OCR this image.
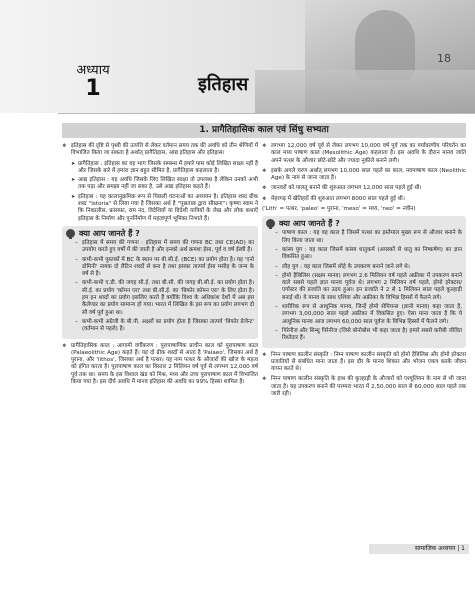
18
अध्याय
1	इतिहास
1. प्रागैतिहासिक काल एवं सिंधु सभ्यता

❖ इतिहास की दृष्टि से पृथ्वी की उत्पत्ति से लेकर वर्तमान समय तक की अवधि को तीन श्रेणियों में विभाजित किया जा सकता है अर्थात् प्रागैतिहास, आद्य इतिहास और इतिहास।

➤ प्रागैतिहास : इतिहास का वह भाग जिसके सम्बन्ध में हमारे पास कोई लिखित साक्ष्य नहीं है और जिसके बारे में हमारा ज्ञान बहुत सीमित है, प्रागैतिहास कहलाता है।

➤ आद्य इतिहास : यह अवधि जिसके लिए लिखित साक्ष्य तो उपलब्ध है लेकिन उनको अभी तक पढ़ा और समझा नहीं जा सका है, उसे आद्य इतिहास कहते हैं।

➤ इतिहास : यह कालानुक्रमिक रूप से पिछली घटनाओं का अध्ययन है। इतिहास शब्द ग्रीक शब्द "Istoria" से लिया गया है जिसका अर्थ है "पूछताछ द्वारा सीखना"। कृष्णा स्वाम ने कि निकालीस, फ्रांसफ़ा, राम नंद, विदेशियों या विदेशी यात्रियों के लेख और लोक कथाएँ इतिहास के निर्माण और पुनर्निर्माण में महत्वपूर्ण भूमिका निभाते हैं।

क्या आप जानते हैं ?

– इतिहास में समय की गणना : इतिहास में समय की गणना BC तथा CE(AD) का उपयोग करते हुए वर्षों में की जाती है और इनको अर्थ क्रमशः ईसा, पूर्व व वर्ष ईस्वी है।

– कभी-कभी पुस्तकों में BC के स्थान पर बी.सी.ई. (BCE) का प्रयोग होता है। यह 'एनो डोमिनी' नामक दो लैटिन शब्दों से बना है तथा इसका तात्पर्य ईसा मसीह के जन्म के वर्ष से है।

– कभी-कभी ए.डी. की जगह सी.ई. तथा बी.सी. की जगह बी.सी.ई. का प्रयोग होता है। सी.ई. का प्रयोग 'कॉमन एरा' तथा बी.सी.ई. का 'बिफोर कॉमन एरा' के लिए होता है। हम इन शब्दों का प्रयोग इसलिए करते हैं क्योंकि विश्व के अधिकांश देशों में अब इस कैलेण्डर का प्रयोग सामान्य हो गया। भारत में लिखित के इस रूप का प्रयोग लगभग दो सौ वर्ष पूर्व हुआ था।

– कभी-कभी अंग्रेजी के बी.पी. अक्षरों का प्रयोग होता है जिसका तात्पर्य 'बिफोर प्रेजेन्ट' (वर्तमान से पहले) है।

❖ प्रागैतिहासिक काल : आगामी वर्गीकरण : पुरापाषाणिक प्राचीन काल को पुरापाषाण काल (Palaeolithic Age) कहते हैं। यह दो ग्रीक शब्दों से आता है 'Palaeo', जिसका अर्थ है पुराना, और 'lithos', जिसका अर्थ है पत्थर। यह नाम पत्थर के औजारों की खोज के महत्व को इंगित करता है। पुरापाषाण काल का विस्तार 2 मिलियन वर्ष पूर्व से लगभग 12,000 वर्ष पूर्व तक था। समय के इस विशाल खंड को मिश्र, मध्य और उच्च पुरापाषाण काल में विभाजित किया गया है। इस दीर्घ अवधि में मानव इतिहास की अवधि का 99% हिस्सा शामिल है।

❖ लगभग 12,000 वर्ष पूर्व से लेकर लगभग 10,000 वर्ष पूर्व तक का पर्यावरणीय परिवर्तन का काल मध्य पाषाण काल (Mesolithic Age) कहलाता है। इस अवधि के दौरान मानव जाति अपने पत्थर के औजार छोटे-छोटे और ज्यादा नुकीले बनाने लगी।

❖ इसके अगले चरण अर्थात् लगभग 10,000 साल पहले का काल, नवपाषाण काल (Neolithic Age) के नाम से जाना जाता है।

❖ जानवरों को पालतू बनाने की शुरुआत लगभग 12,000 साल पहले हुई थी।

❖ मेहरगढ़ में खेतिहरों की शुरुआत लगभग 8000 साल पहले हुई थी।

('Lith' = पत्थर, 'paleo' = पुराना, 'meso' = मध्य, 'neo' = नवीन)

क्या आप जानते हैं ?

– पाषाण काल : यह वह काल है जिसमें पत्थर का इस्तेमाल मुख्य रूप से औजार बनाने के लिए किया जाता था।

– कांस्य युग : यह काल जिसमें कांस्य धातुकर्म (अयस्कों से धातु का निष्कर्षण) का ज्ञान विकसित हुआ।

– लौह युग : यह काल जिसमें लोहे के उपकरण बनाने जाने लगे थे।

– होमो हैबिलिस (सक्षम मानव) लगभग 2.6 मिलियन वर्ष पहले अफ्रीका में उपकरण बनाने वाले सबसे पहले ज्ञात मानव पूर्वज थे। लगभग 2 मिलियन वर्ष पहले, होमो इरेक्टस/एर्गास्टर की प्रजाति का उदय हुआ। इन प्रजाति ने 2 से 1 मिलियन साल पहले कुल्हाड़ी बनाई थी। ये मानव के साथ एशिया और अफ्रीका के विभिन्न हिस्सों में फैलने लगे।

– शारीरिक रूप से आधुनिक मानव, जिन्हें होमो सेपियन्स (ज्ञानी मानव) कहा जाता है, लगभग 3,00,000 साल पहले अफ्रीका में विकसित हुए। ऐसा माना जाता है कि ये आधुनिक मानव आज लगभग 60,000 साल पूर्वज के विभिन्न हिस्सों में फैलने लगे।

– पिरेनीज और सिन्धु पिरेनीज (जिसे बोनोबोस भी कहा जाता है) हमारे सबसे करीबी जीवित रिश्तेदार हैं।

❖ निम्न पाषाण कालीन संस्कृति : निम्न पाषाण कालीन संस्कृति को होमो हैबिलिस और होमो इरेक्टस प्रजातियों से संबंधित माना जाता है। इस दौर के मानव शिकार और भोजन एकत्र करके जीवन यापन करते थे।

❖ निम्न पाषाण कालीन संस्कृति के हाथ की कुल्हाड़ी के औजारों को एश्यूलियन के नाम से भी जाना जाता है। यह उपकरण बनाने की परम्परा भारत में 2,50,000 साल से 60,000 साल पहले तक जारी रही।

सामाजिक अध्ययन | 1
